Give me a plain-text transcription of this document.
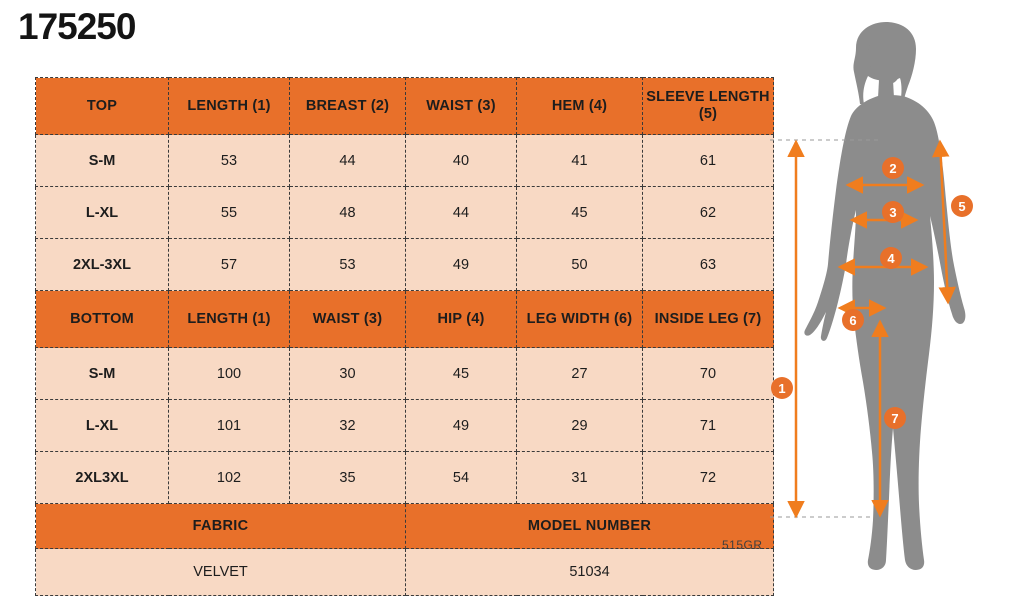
175250
TOP	LENGTH (1)	BREAST (2)	WAIST (3)	HEM (4)	SLEEVE LENGTH (5)
S-M	53	44	40	41	61
L-XL	55	48	44	45	62
2XL-3XL	57	53	49	50	63
BOTTOM	LENGTH (1)	WAIST (3)	HIP (4)	LEG WIDTH (6)	INSIDE LEG (7)
S-M	100	30	45	27	70
L-XL	101	32	49	29	71
2XL3XL	102	35	54	31	72
FABRIC			MODEL NUMBER		
VELVET			51034		
515GR
1
2
3
4
5
6
7
